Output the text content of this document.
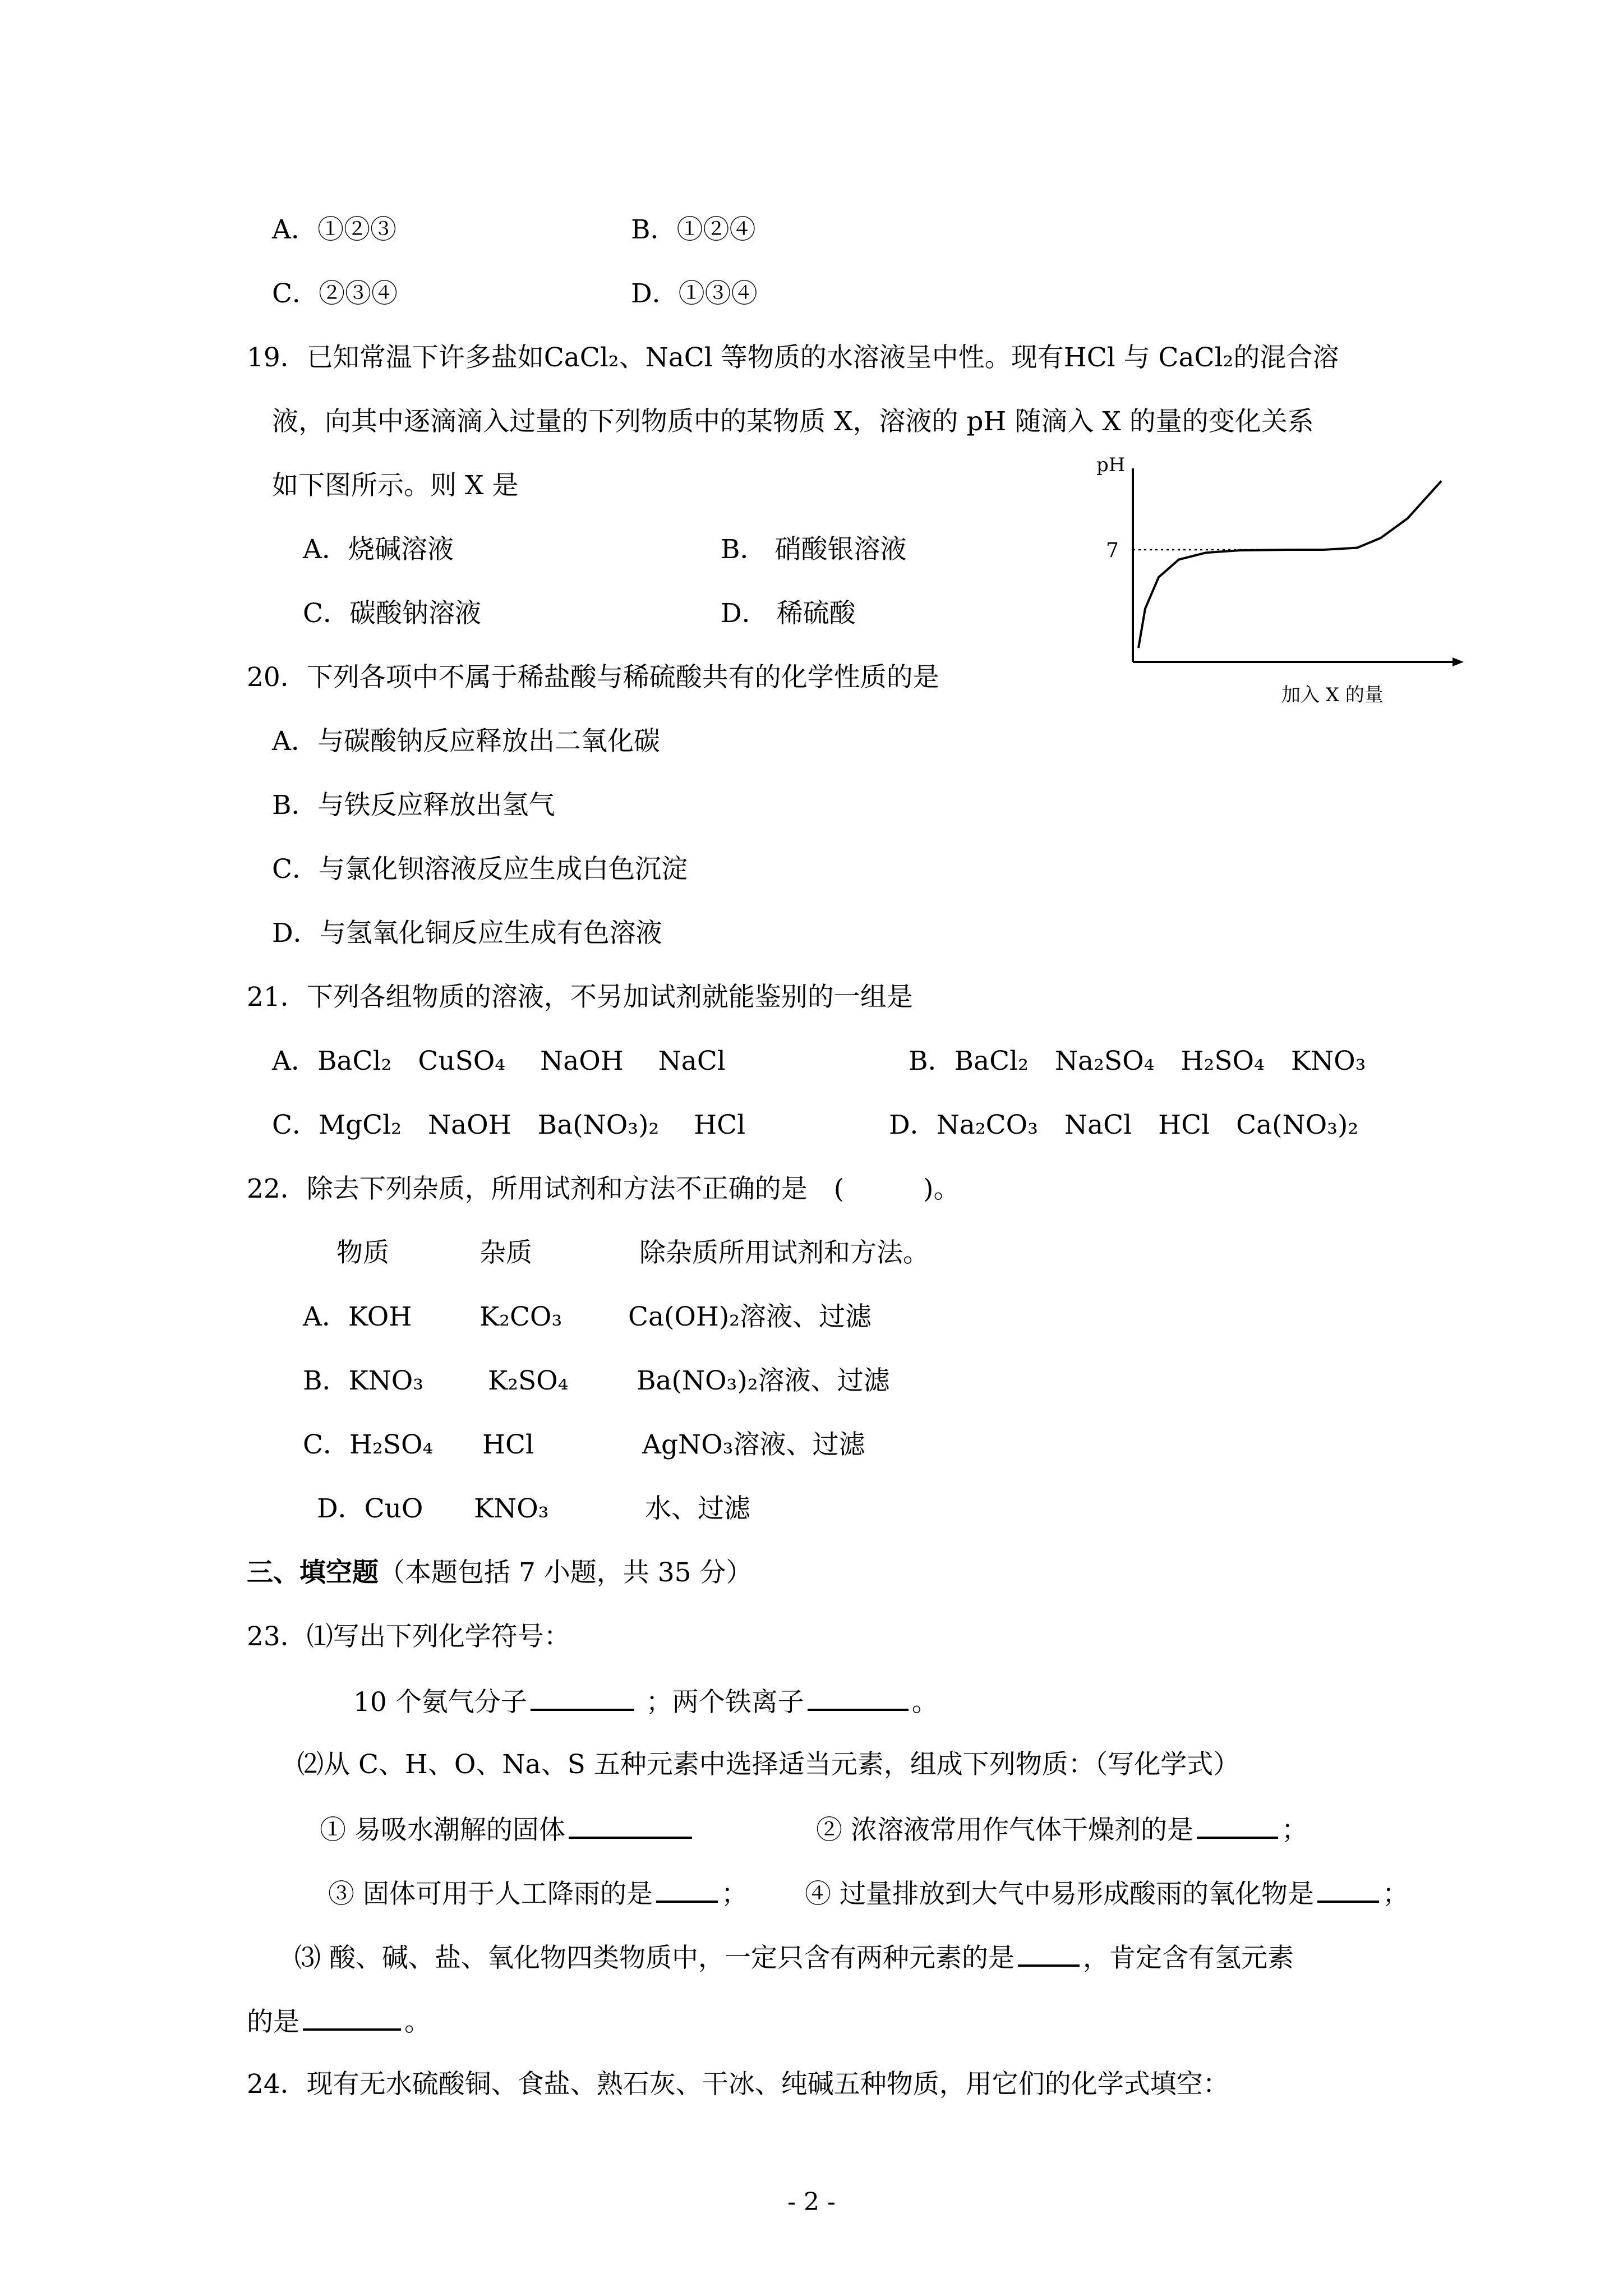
A．①②③	B．①②④
C．②③④	D．①③④
19．已知常温下许多盐如CaCl₂、NaCl 等物质的水溶液呈中性。现有HCl 与 CaCl₂的混合溶
液，向其中逐滴滴入过量的下列物质中的某物质 X，溶液的 pH 随滴入 X 的量的变化关系
如下图所示。则 X 是
A．烧碱溶液	B． 硝酸银溶液
C．碳酸钠溶液	D． 稀硫酸
pH
7
加入 X 的量
20．下列各项中不属于稀盐酸与稀硫酸共有的化学性质的是
A．与碳酸钠反应释放出二氧化碳
B．与铁反应释放出氢气
C．与氯化钡溶液反应生成白色沉淀
D．与氢氧化铜反应生成有色溶液
21．下列各组物质的溶液，不另加试剂就能鉴别的一组是
A．BaCl₂　CuSO₄　 NaOH　 NaCl	B．BaCl₂　Na₂SO₄　H₂SO₄　KNO₃
C．MgCl₂　NaOH　Ba(NO₃)₂　 HCl	D．Na₂CO₃　NaCl　HCl　Ca(NO₃)₂
22．除去下列杂质，所用试剂和方法不正确的是　(　　　)。
物质	杂质	除杂质所用试剂和方法。
A．KOH	K₂CO₃	Ca(OH)₂溶液、过滤
B．KNO₃ K₂SO₄	Ba(NO₃)₂溶液、过滤
C．H₂SO₄ HCl	AgNO₃溶液、过滤
D．CuO KNO₃	水、过滤
三、填空题（本题包括 7 小题，共 35 分）
23．⑴写出下列化学符号：
10 个氨气分子	；两个铁离子	。
⑵从 C、H、O、Na、S 五种元素中选择适当元素，组成下列物质：（写化学式）
① 易吸水潮解的固体	② 浓溶液常用作气体干燥剂的是	；
③ 固体可用于人工降雨的是	； ④ 过量排放到大气中易形成酸雨的氧化物是	；
⑶ 酸、碱、盐、氧化物四类物质中，一定只含有两种元素的是	，肯定含有氢元素
的是	。
24．现有无水硫酸铜、食盐、熟石灰、干冰、纯碱五种物质，用它们的化学式填空：
- 2 -
